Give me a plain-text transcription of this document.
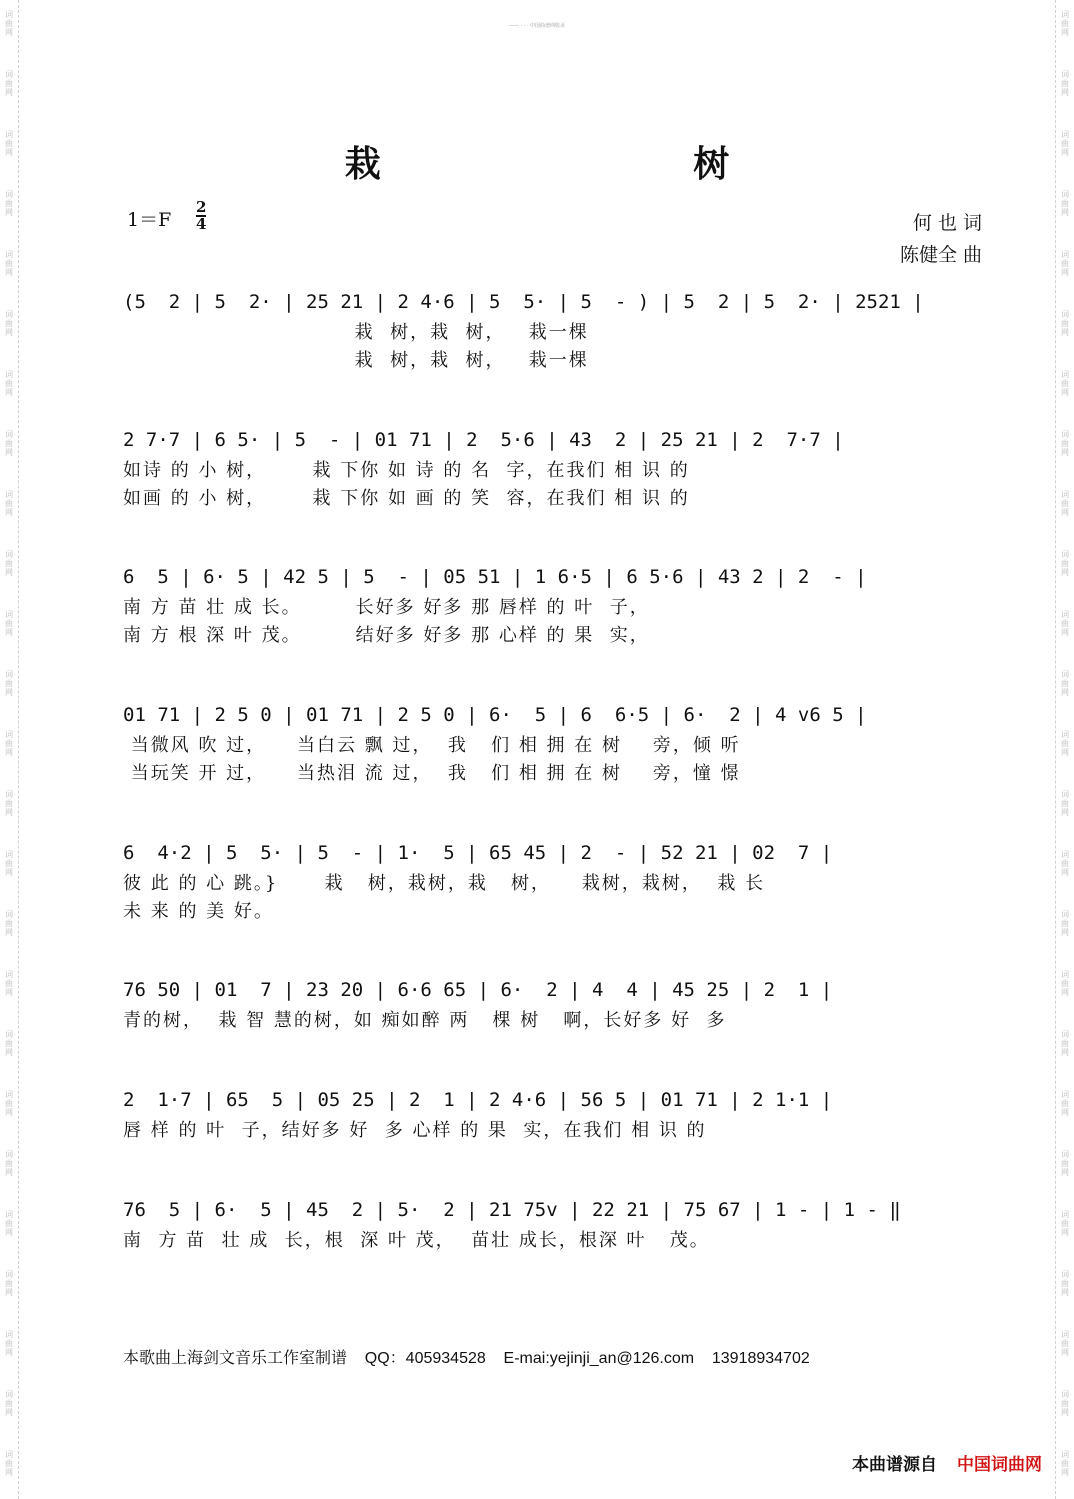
词曲网
词曲网
词曲网
词曲网
词曲网
词曲网
词曲网
词曲网
词曲网
词曲网
词曲网
词曲网
词曲网
词曲网
词曲网
词曲网
词曲网
词曲网
词曲网
词曲网
词曲网
词曲网
词曲网
词曲网
词曲网
词曲网
词曲网
词曲网
词曲网
词曲网
词曲网
词曲网
词曲网
词曲网
词曲网
词曲网
词曲网
词曲网
词曲网
词曲网
词曲网
词曲网
词曲网
词曲网
词曲网
词曲网
词曲网
词曲网
词曲网
词曲网
—— · · · 中国曲谱网收录
栽 树
1＝F
2
4	何 也 词
陈健全 曲
(5  2 | 5  2· | 25 21 | 2 4·6 | 5  5· | 5  - ) | 5  2 | 5  2· | 2521 |
栽  树，栽  树，   栽一棵
栽  树，栽  树，   栽一棵
2 7·7 | 6 5· | 5  - | 01 71 | 2  5·6 | 43  2 | 25 21 | 2  7·7 |
如诗 的 小 树，      栽 下你 如 诗 的 名  字，在我们 相 识 的
如画 的 小 树，      栽 下你 如 画 的 笑  容，在我们 相 识 的
6  5 | 6· 5 | 42 5 | 5  - | 05 51 | 1 6·5 | 6 5·6 | 43 2 | 2  - |
南 方 苗 壮 成 长。       长好多 好多 那 唇样 的 叶  子，
南 方 根 深 叶 茂。       结好多 好多 那 心样 的 果  实，
01 71 | 2 5 0 | 01 71 | 2 5 0 | 6·  5 | 6  6·5 | 6·  2 | 4 v6 5 |
当微风 吹 过，    当白云 飘 过，  我   们 相 拥 在 树    旁，倾 听
当玩笑 开 过，    当热泪 流 过，  我   们 相 拥 在 树    旁，憧 憬
6  4·2 | 5  5· | 5  - | 1·  5 | 65 45 | 2  - | 52 21 | 02  7 |
彼 此 的 心 跳。}      栽   树，栽树，栽   树，    栽树，栽树，  栽 长
未 来 的 美 好。
76 50 | 01  7 | 23 20 | 6·6 65 | 6·  2 | 4  4 | 45 25 | 2  1 |
青的树，  栽 智 慧的树，如 痴如醉 两   棵 树   啊，长好多 好  多
2  1·7 | 65  5 | 05 25 | 2  1 | 2 4·6 | 56 5 | 01 71 | 2 1·1 |
唇 样 的 叶  子，结好多 好  多 心样 的 果  实，在我们 相 识 的
76  5 | 6·  5 | 45  2 | 5·  2 | 21 75v | 22 21 | 75 67 | 1 - | 1 - ‖
南  方 苗  壮 成  长，根  深 叶 茂，  苗壮 成长，根深 叶   茂。
本歌曲上海剑文音乐工作室制谱    QQ：405934528    E-mai:yejinji_an@126.com    13918934702
本曲谱源自 中国词曲网
